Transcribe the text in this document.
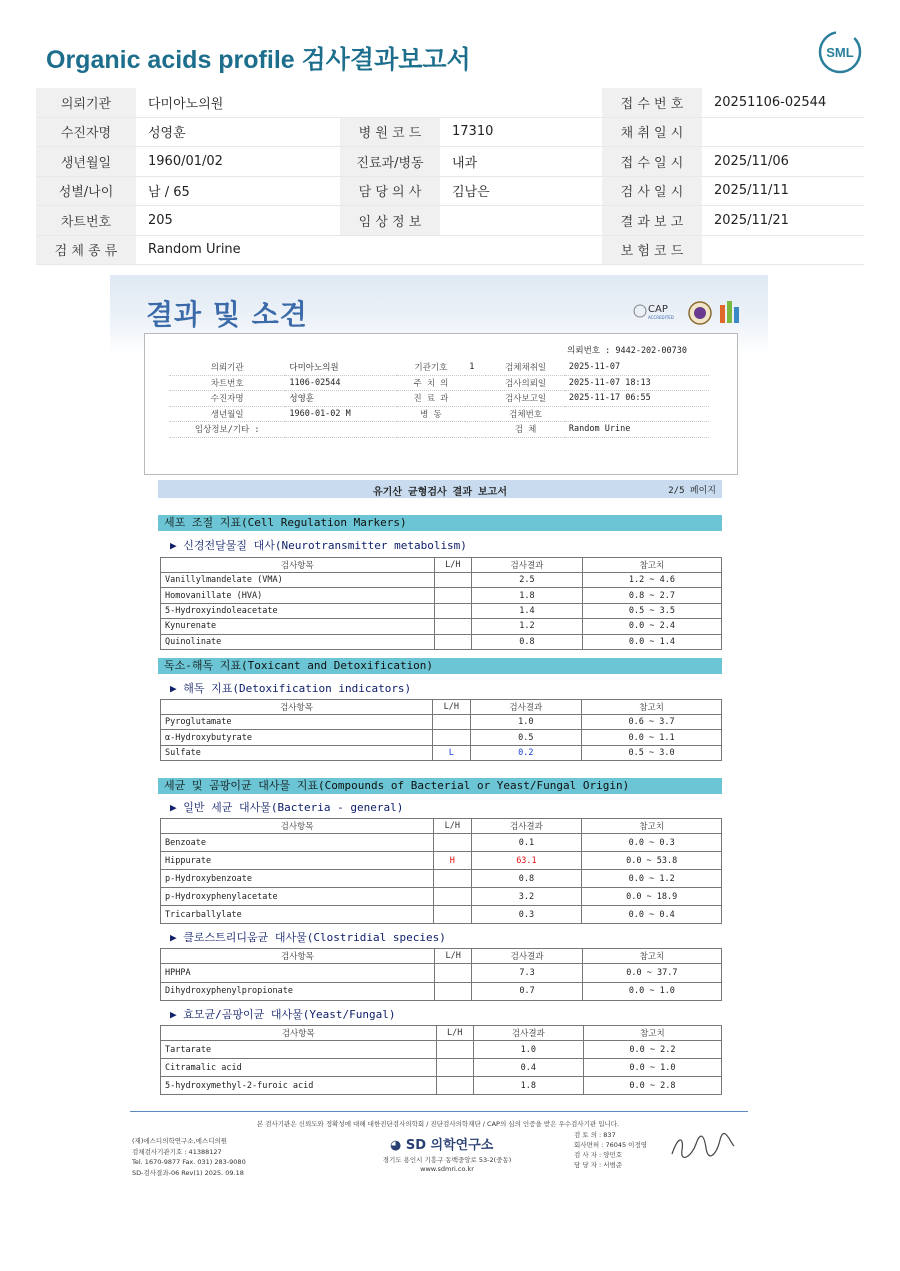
Organic acids profile 검사결과보고서	SML
의뢰기관	다미아노의원			접 수 번 호	20251106-02544
수진자명	성영훈	병 원 코 드	17310	채 취 일 시	
생년월일	1960/01/02	진료과/병동	내과	접 수 일 시	2025/11/06
성별/나이	남 / 65	담 당 의 사	김남은	검 사 일 시	2025/11/11
차트번호	205	임 상 정 보		결 과 보 고	2025/11/21
검 체 종 류	Random Urine			보 험 코 드	
결과 및 소견	CAP
ACCREDITED
의뢰번호 : 9442-202-00730
의뢰기관	다미아노의원	기관기호	1	검체채취일	2025-11-07
차트번호	1106-02544	주 치 의		검사의뢰일	2025-11-07 18:13
수진자명	성영훈	진 료 과		검사보고일	2025-11-17 06:55
생년월일	1960-01-02 M	병 동		검체번호	
임상정보/기타 :				검 체	Random Urine
유기산 균형검사 결과 보고서	2/5 페이지
세포 조절 지표(Cell Regulation Markers)
▶ 신경전달물질 대사(Neurotransmitter metabolism)
검사항목	L/H	검사결과	참고치
Vanillylmandelate (VMA)		2.5	1.2 ~ 4.6
Homovanillate (HVA)		1.8	0.8 ~ 2.7
5-Hydroxyindoleacetate		1.4	0.5 ~ 3.5
Kynurenate		1.2	0.0 ~ 2.4
Quinolinate		0.8	0.0 ~ 1.4
독소-해독 지표(Toxicant and Detoxification)
▶ 해독 지표(Detoxification indicators)
검사항목	L/H	검사결과	참고치
Pyroglutamate		1.0	0.6 ~ 3.7
α-Hydroxybutyrate		0.5	0.0 ~ 1.1
Sulfate	L	0.2	0.5 ~ 3.0
세균 및 곰팡이균 대사물 지표(Compounds of Bacterial or Yeast/Fungal Origin)
▶ 일반 세균 대사물(Bacteria - general)
검사항목	L/H	검사결과	참고치
Benzoate		0.1	0.0 ~ 0.3
Hippurate	H	63.1	0.0 ~ 53.8
p-Hydroxybenzoate		0.8	0.0 ~ 1.2
p-Hydroxyphenylacetate		3.2	0.0 ~ 18.9
Tricarballylate		0.3	0.0 ~ 0.4
▶ 클로스트리디움균 대사물(Clostridial species)
검사항목	L/H	검사결과	참고치
HPHPA		7.3	0.0 ~ 37.7
Dihydroxyphenylpropionate		0.7	0.0 ~ 1.0
▶ 효모균/곰팡이균 대사물(Yeast/Fungal)
검사항목	L/H	검사결과	참고치
Tartarate		1.0	0.0 ~ 2.2
Citramalic acid		0.4	0.0 ~ 1.0
5-hydroxymethyl-2-furoic acid		1.8	0.0 ~ 2.8
본 검사기관은 신뢰도와 정확성에 대해 대한진단검사의학회 / 진단검사의학재단 / CAP의 심의 인증을 받은 우수검사기관 입니다.
(재)에스디의학연구소,에스디의원
검체검사기관기호 : 41388127
Tel. 1670-9877 Fax. 031) 283-9080
SD-검사결과-06 Rev(1) 2025. 09.18
◕ SD 의학연구소
경기도 용인시 기흥구 동백중앙로 53-2(중동)
www.sdmri.co.kr
검 토 의 : 837
회사면허 : 76045 이정영
검 사 자 : 양민호
담 당 자 : 서범준
